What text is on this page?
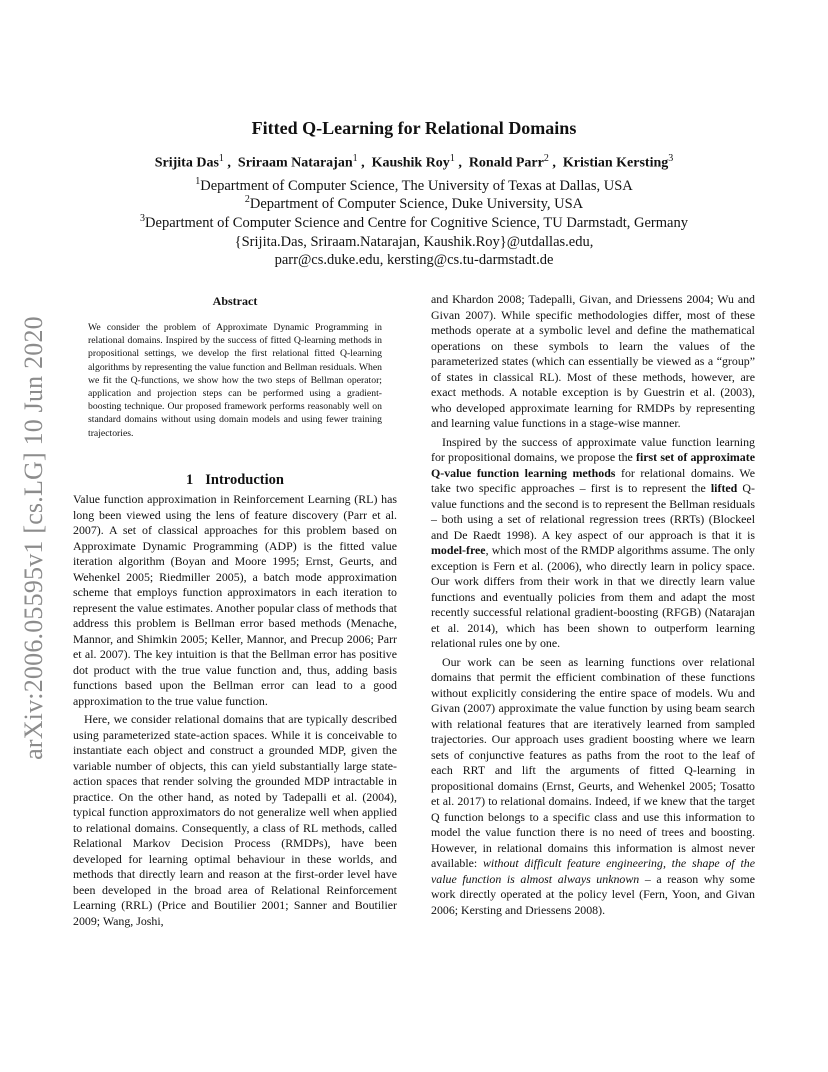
arXiv:2006.05595v1 [cs.LG] 10 Jun 2020
Fitted Q-Learning for Relational Domains
Srijita Das$^1$ ,  Sriraam Natarajan$^1$ ,  Kaushik Roy$^1$ ,  Ronald Parr$^2$ ,  Kristian Kersting$^3$
$^1$Department of Computer Science, The University of Texas at Dallas, USA
$^2$Department of Computer Science, Duke University, USA
$^3$Department of Computer Science and Centre for Cognitive Science, TU Darmstadt, Germany
{Srijita.Das, Sriraam.Natarajan, Kaushik.Roy}@utdallas.edu,
parr@cs.duke.edu, kersting@cs.tu-darmstadt.de
Abstract
We consider the problem of Approximate Dynamic Programming in relational domains. Inspired by the success of fitted Q-learning methods in propositional settings, we develop the first relational fitted Q-learning algorithms by representing the value function and Bellman residuals. When we fit the Q-functions, we show how the two steps of Bellman operator; application and projection steps can be performed using a gradient-boosting technique. Our proposed framework performs reasonably well on standard domains without using domain models and using fewer training trajectories.
1 Introduction

Value function approximation in Reinforcement Learning (RL) has long been viewed using the lens of feature discovery (Parr et al. 2007). A set of classical approaches for this problem based on Approximate Dynamic Programming (ADP) is the fitted value iteration algorithm (Boyan and Moore 1995; Ernst, Geurts, and Wehenkel 2005; Riedmiller 2005), a batch mode approximation scheme that employs function approximators in each iteration to represent the value estimates. Another popular class of methods that address this problem is Bellman error based methods (Menache, Mannor, and Shimkin 2005; Keller, Mannor, and Precup 2006; Parr et al. 2007). The key intuition is that the Bellman error has positive dot product with the true value function and, thus, adding basis functions based upon the Bellman error can lead to a good approximation to the true value function.

Here, we consider relational domains that are typically described using parameterized state-action spaces. While it is conceivable to instantiate each object and construct a grounded MDP, given the variable number of objects, this can yield substantially large state-action spaces that render solving the grounded MDP intractable in practice. On the other hand, as noted by Tadepalli et al. (2004), typical function approximators do not generalize well when applied to relational domains. Consequently, a class of RL methods, called Relational Markov Decision Process (RMDPs), have been developed for learning optimal behaviour in these worlds, and methods that directly learn and reason at the first-order level have been developed in the broad area of Relational Reinforcement Learning (RRL) (Price and Boutilier 2001; Sanner and Boutilier 2009; Wang, Joshi,

and Khardon 2008; Tadepalli, Givan, and Driessens 2004; Wu and Givan 2007). While specific methodologies differ, most of these methods operate at a symbolic level and define the mathematical operations on these symbols to learn the values of the parameterized states (which can essentially be viewed as a “group” of states in classical RL). Most of these methods, however, are exact methods. A notable exception is by Guestrin et al. (2003), who developed approximate learning for RMDPs by representing and learning value functions in a stage-wise manner.

Inspired by the success of approximate value function learning for propositional domains, we propose the first set of approximate Q-value function learning methods for relational domains. We take two specific approaches – first is to represent the lifted Q-value functions and the second is to represent the Bellman residuals – both using a set of relational regression trees (RRTs) (Blockeel and De Raedt 1998). A key aspect of our approach is that it is model-free, which most of the RMDP algorithms assume. The only exception is Fern et al. (2006), who directly learn in policy space. Our work differs from their work in that we directly learn value functions and eventually policies from them and adapt the most recently successful relational gradient-boosting (RFGB) (Natarajan et al. 2014), which has been shown to outperform learning relational rules one by one.

Our work can be seen as learning functions over relational domains that permit the efficient combination of these functions without explicitly considering the entire space of models. Wu and Givan (2007) approximate the value function by using beam search with relational features that are iteratively learned from sampled trajectories. Our approach uses gradient boosting where we learn sets of conjunctive features as paths from the root to the leaf of each RRT and lift the arguments of fitted Q-learning in propositional domains (Ernst, Geurts, and Wehenkel 2005; Tosatto et al. 2017) to relational domains. Indeed, if we knew that the target Q function belongs to a specific class and use this information to model the value function there is no need of trees and boosting. However, in relational domains this information is almost never available: without difficult feature engineering, the shape of the value function is almost always unknown – a reason why some work directly operated at the policy level (Fern, Yoon, and Givan 2006; Kersting and Driessens 2008).
